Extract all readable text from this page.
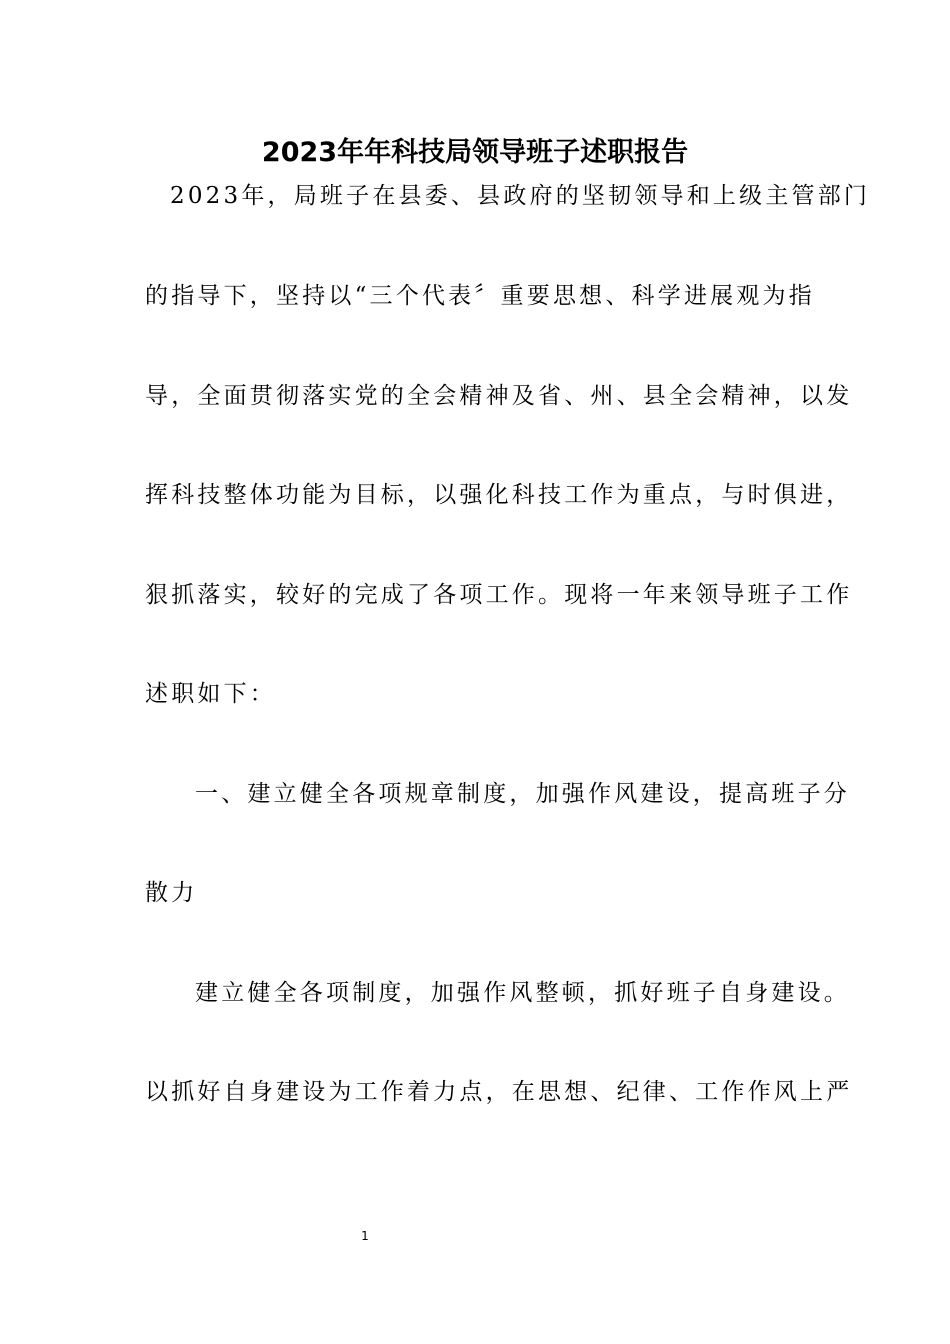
2023年年科技局领导班子述职报告
2023年，局班子在县委、县政府的坚韧领导和上级主管部门
的指导下，坚持以“三个代表〞重要思想、科学进展观为指
导，全面贯彻落实党的全会精神及省、州、县全会精神，以发
挥科技整体功能为目标，以强化科技工作为重点，与时俱进，
狠抓落实，较好的完成了各项工作。现将一年来领导班子工作
述职如下：
一、建立健全各项规章制度，加强作风建设，提高班子分
散力
建立健全各项制度，加强作风整顿，抓好班子自身建设。
以抓好自身建设为工作着力点，在思想、纪律、工作作风上严
1
